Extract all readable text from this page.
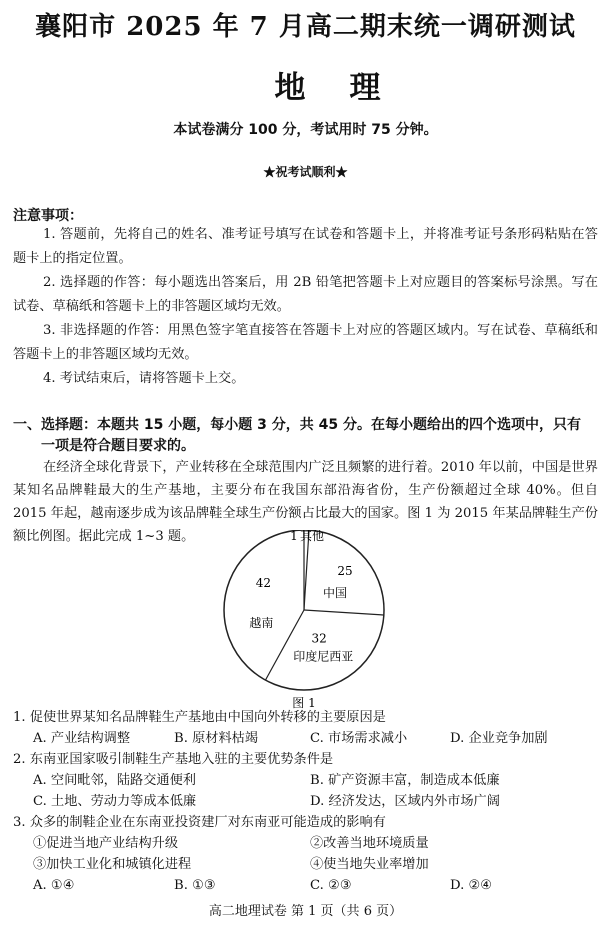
襄阳市 2025 年 7 月高二期末统一调研测试
地理
本试卷满分 100 分，考试用时 75 分钟。
★祝考试顺利★
注意事项：
1. 答题前，先将自己的姓名、准考证号填写在试卷和答题卡上，并将准考证号条形码粘贴在答题卡上的指定位置。
2. 选择题的作答：每小题选出答案后，用 2B 铅笔把答题卡上对应题目的答案标号涂黑。写在试卷、草稿纸和答题卡上的非答题区域均无效。
3. 非选择题的作答：用黑色签字笔直接答在答题卡上对应的答题区域内。写在试卷、草稿纸和答题卡上的非答题区域均无效。
4. 考试结束后，请将答题卡上交。
一、选择题：本题共 15 小题，每小题 3 分，共 45 分。在每小题给出的四个选项中，只有
一项是符合题目要求的。
在经济全球化背景下，产业转移在全球范围内广泛且频繁的进行着。2010 年以前，中国是世界某知名品牌鞋最大的生产基地，主要分布在我国东部沿海省份，生产份额超过全球 40%。但自 2015 年起，越南逐步成为该品牌鞋全球生产份额占比最大的国家。图 1 为 2015 年某品牌鞋生产份额比例图。据此完成 1~3 题。	1 其他
25
中国
32
印度尼西亚
42
越南
图 1
1. 促使世界某知名品牌鞋生产基地由中国向外转移的主要原因是
A. 产业结构调整	B. 原材料枯竭	C. 市场需求减小	D. 企业竞争加剧
2. 东南亚国家吸引制鞋生产基地入驻的主要优势条件是
A. 空间毗邻，陆路交通便利	B. 矿产资源丰富，制造成本低廉
C. 土地、劳动力等成本低廉	D. 经济发达，区域内外市场广阔
3. 众多的制鞋企业在东南亚投资建厂对东南亚可能造成的影响有
①促进当地产业结构升级	②改善当地环境质量
③加快工业化和城镇化进程	④使当地失业率增加
A. ①④	B. ①③	C. ②③	D. ②④
高二地理试卷 第 1 页（共 6 页）
